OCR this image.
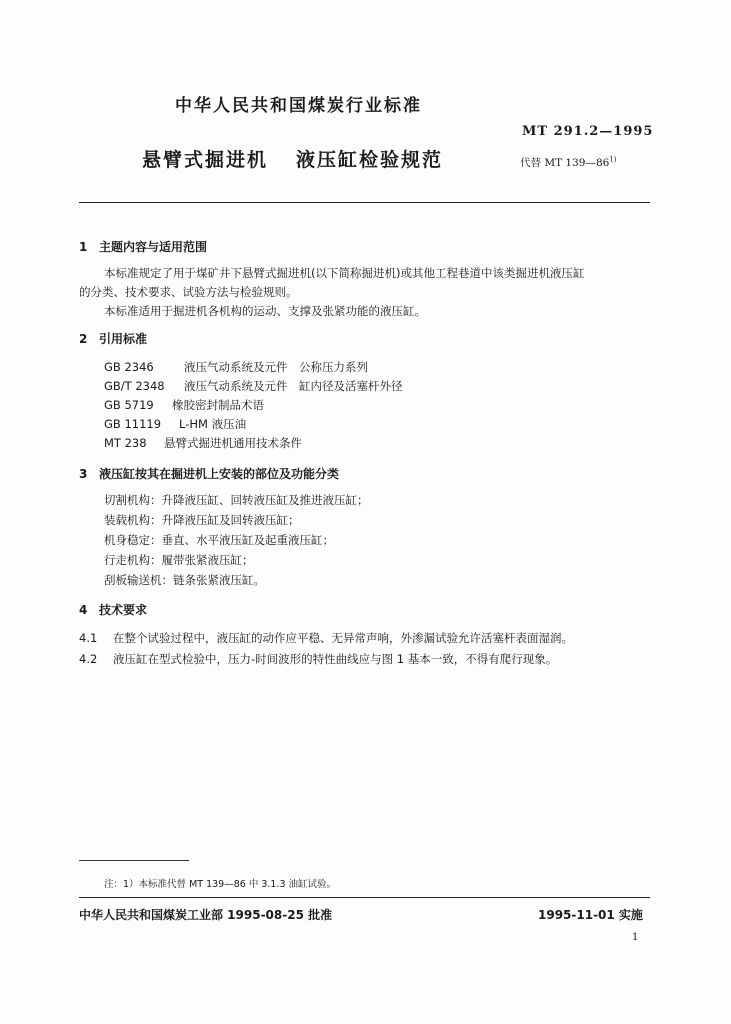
中华人民共和国煤炭行业标准
MT 291.2—1995
悬臂式掘进机 液压缸检验规范	代替 MT 139—86$^{1)}$
1 主题内容与适用范围
本标准规定了用于煤矿井下悬臂式掘进机(以下简称掘进机)或其他工程巷道中该类掘进机液压缸
的分类、技术要求、试验方法与检验规则。
本标准适用于掘进机各机构的运动、支撑及张紧功能的液压缸。
2 引用标准
GB 2346	液压气动系统及元件　公称压力系列
GB/T 2348 液压气动系统及元件　缸内径及活塞杆外径
GB 5719 橡胶密封制品术语
GB 11119 L-HM 液压油
MT 238 悬臂式掘进机通用技术条件
3 液压缸按其在掘进机上安装的部位及功能分类
切割机构：升降液压缸、回转液压缸及推进液压缸；
装载机构：升降液压缸及回转液压缸；
机身稳定：垂直、水平液压缸及起重液压缸；
行走机构：履带张紧液压缸；
刮板输送机：链条张紧液压缸。
4 技术要求
4.1 在整个试验过程中，液压缸的动作应平稳、无异常声响，外渗漏试验允许活塞杆表面湿润。
4.2 液压缸在型式检验中，压力-时间波形的特性曲线应与图 1 基本一致，不得有爬行现象。
注：1）本标准代替 MT 139—86 中 3.1.3 油缸试验。
中华人民共和国煤炭工业部 1995-08-25 批准	1995-11-01 实施
1
